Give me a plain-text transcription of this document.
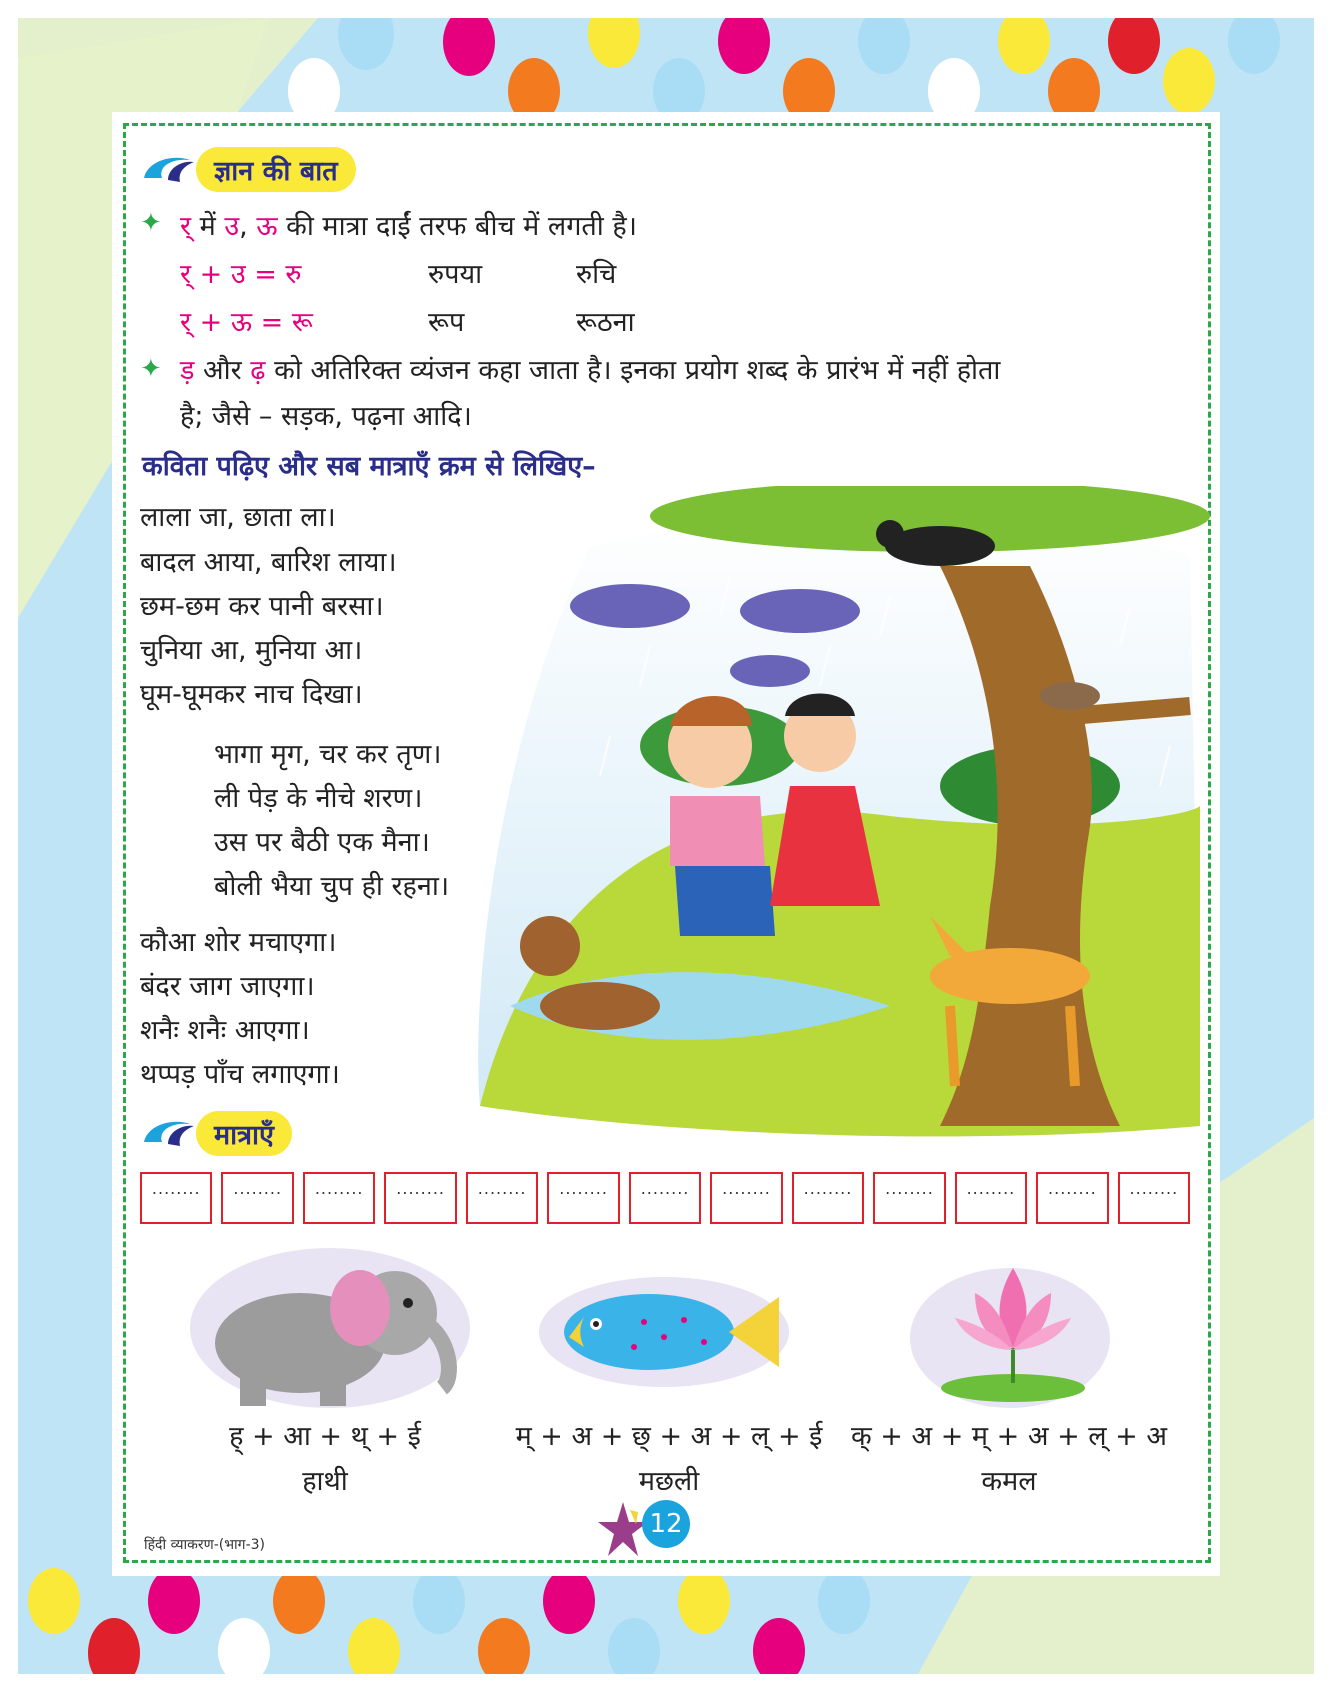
ज्ञान की बात
✦ र् में उ, ऊ की मात्रा दाईं तरफ बीच में लगती है।
र् + उ = रु	रुपया	रुचि
र् + ऊ = रू	रूप	रूठना
✦ ड़ और ढ़ को अतिरिक्त व्यंजन कहा जाता है। इनका प्रयोग शब्द के प्रारंभ में नहीं होता
है; जैसे – सड़क, पढ़ना आदि।
कविता पढ़िए और सब मात्राएँ क्रम से लिखिए–
लाला जा, छाता ला।
बादल आया, बारिश लाया।
छम-छम कर पानी बरसा।
चुनिया आ, मुनिया आ।
घूम-घूमकर नाच दिखा।
भागा मृग, चर कर तृण।
ली पेड़ के नीचे शरण।
उस पर बैठी एक मैना।
बोली भैया चुप ही रहना।
कौआ शोर मचाएगा।
बंदर जाग जाएगा।
शनैः शनैः आएगा।
थप्पड़ पाँच लगाएगा।
मात्राएँ
........	........	........	........	........	........	........	........	........	........	........	........	........
ह् + आ + थ् + ई
हाथी
म् + अ + छ् + अ + ल् + ई
मछली
क् + अ + म् + अ + ल् + अ
कमल
हिंदी व्याकरण-(भाग-3)
12
